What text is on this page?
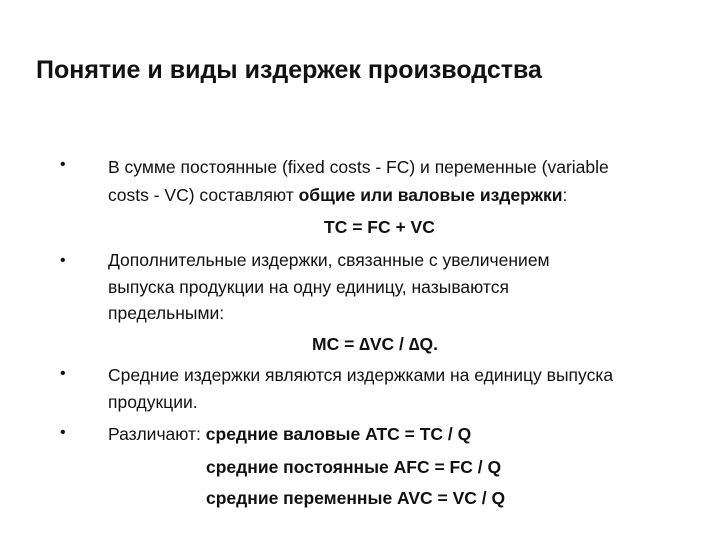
Понятие и виды издержек производства
•
•
•
•
В сумме постоянные (fixed costs - FC) и переменные (variable
costs - VC) составляют общие или валовые издержки:
TC = FC + VC
Дополнительные издержки, связанные с увеличением
выпуска продукции на одну единицу, называются
предельными:
MC = ∆VC / ∆Q.
Средние издержки являются издержками на единицу выпуска
продукции.
Различают: средние валовые ATC = TC / Q
средние постоянные AFC = FC / Q
средние переменные AVC = VC / Q
